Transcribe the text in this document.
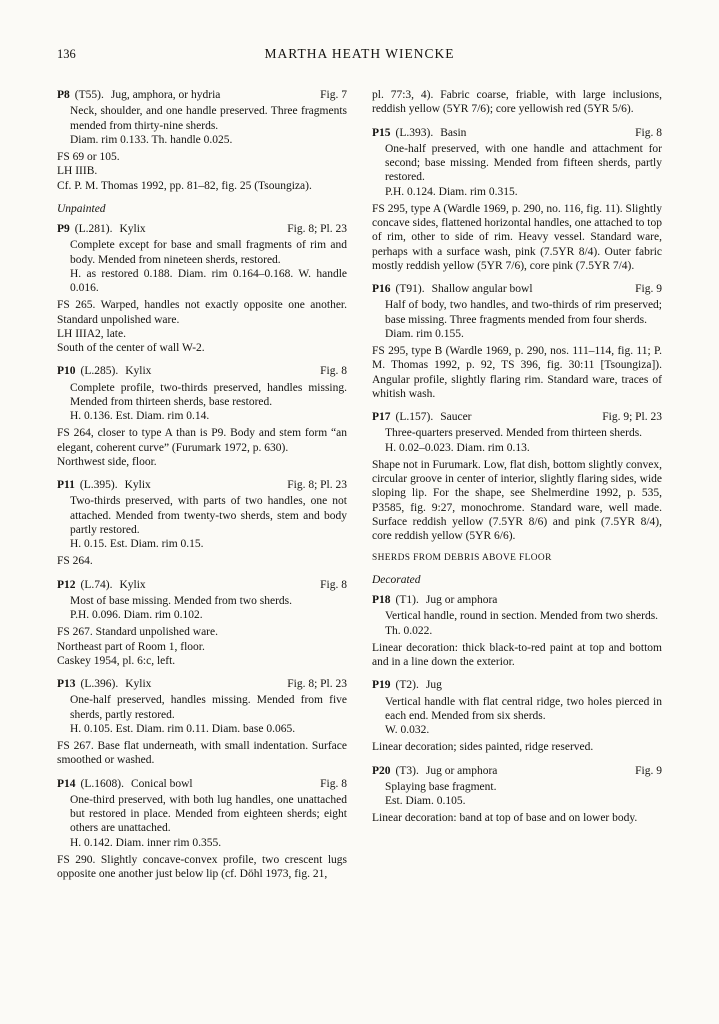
136	MARTHA HEATH WIENCKE
P8 (T55). Jug, amphora, or hydria	Fig. 7

Neck, shoulder, and one handle preserved. Three fragments mended from thirty-nine sherds.

Diam. rim 0.133. Th. handle 0.025.

FS 69 or 105.

LH IIIB.

Cf. P. M. Thomas 1992, pp. 81–82, fig. 25 (Tsoungiza).

Unpainted
P9 (L.281). Kylix	Fig. 8; Pl. 23

Complete except for base and small fragments of rim and body. Mended from nineteen sherds, restored.

H. as restored 0.188. Diam. rim 0.164–0.168. W. handle 0.016.

FS 265. Warped, handles not exactly opposite one another. Standard unpolished ware.

LH IIIA2, late.

South of the center of wall W-2.

P10 (L.285). Kylix	Fig. 8

Complete profile, two-thirds preserved, handles missing. Mended from thirteen sherds, base restored.

H. 0.136. Est. Diam. rim 0.14.

FS 264, closer to type A than is P9. Body and stem form “an elegant, coherent curve” (Furumark 1972, p. 630).

Northwest side, floor.

P11 (L.395). Kylix	Fig. 8; Pl. 23

Two-thirds preserved, with parts of two handles, one not attached. Mended from twenty-two sherds, stem and body partly restored.

H. 0.15. Est. Diam. rim 0.15.

FS 264.

P12 (L.74). Kylix	Fig. 8

Most of base missing. Mended from two sherds.

P.H. 0.096. Diam. rim 0.102.

FS 267. Standard unpolished ware.

Northeast part of Room 1, floor.

Caskey 1954, pl. 6:c, left.

P13 (L.396). Kylix	Fig. 8; Pl. 23

One-half preserved, handles missing. Mended from five sherds, partly restored.

H. 0.105. Est. Diam. rim 0.11. Diam. base 0.065.

FS 267. Base flat underneath, with small indentation. Surface smoothed or washed.

P14 (L.1608). Conical bowl	Fig. 8

One-third preserved, with both lug handles, one unattached but restored in place. Mended from eighteen sherds; eight others are unattached.

H. 0.142. Diam. inner rim 0.355.

FS 290. Slightly concave-convex profile, two crescent lugs opposite one another just below lip (cf. Döhl 1973, fig. 21,

pl. 77:3, 4). Fabric coarse, friable, with large inclusions, reddish yellow (5YR 7/6); core yellowish red (5YR 5/6).

P15 (L.393). Basin	Fig. 8

One-half preserved, with one handle and attachment for second; base missing. Mended from fifteen sherds, partly restored.

P.H. 0.124. Diam. rim 0.315.

FS 295, type A (Wardle 1969, p. 290, no. 116, fig. 11). Slightly concave sides, flattened horizontal handles, one attached to top of rim, other to side of rim. Heavy vessel. Standard ware, perhaps with a surface wash, pink (7.5YR 8/4). Outer fabric mostly reddish yellow (5YR 7/6), core pink (7.5YR 7/4).

P16 (T91). Shallow angular bowl	Fig. 9

Half of body, two handles, and two-thirds of rim preserved; base missing. Three fragments mended from four sherds.

Diam. rim 0.155.

FS 295, type B (Wardle 1969, p. 290, nos. 111–114, fig. 11; P. M. Thomas 1992, p. 92, TS 396, fig. 30:11 [Tsoungiza]). Angular profile, slightly flaring rim. Standard ware, traces of whitish wash.

P17 (L.157). Saucer	Fig. 9; Pl. 23

Three-quarters preserved. Mended from thirteen sherds.

H. 0.02–0.023. Diam. rim 0.13.

Shape not in Furumark. Low, flat dish, bottom slightly convex, circular groove in center of interior, slightly flaring sides, wide sloping lip. For the shape, see Shelmerdine 1992, p. 535, P3585, fig. 9:27, monochrome. Standard ware, well made. Surface reddish yellow (7.5YR 8/6) and pink (7.5YR 8/4), core reddish yellow (5YR 6/6).

SHERDS FROM DEBRIS ABOVE FLOOR
Decorated
P18 (T1). Jug or amphora

Vertical handle, round in section. Mended from two sherds.

Th. 0.022.

Linear decoration: thick black-to-red paint at top and bottom and in a line down the exterior.

P19 (T2). Jug

Vertical handle with flat central ridge, two holes pierced in each end. Mended from six sherds.

W. 0.032.

Linear decoration; sides painted, ridge reserved.

P20 (T3). Jug or amphora	Fig. 9

Splaying base fragment.

Est. Diam. 0.105.

Linear decoration: band at top of base and on lower body.
